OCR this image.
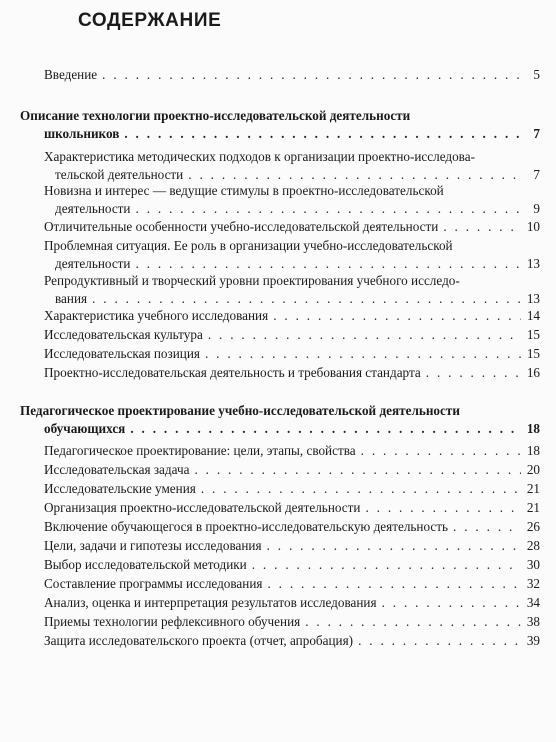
СОДЕРЖАНИЕ
Введение . . .	5
Описание технологии проектно-исследовательской деятельности
школьников . . .	7
Характеристика методических подходов к организации проектно-исследова-
тельской деятельности . . .	7
Новизна и интерес — ведущие стимулы в проектно-исследовательской
деятельности . . .	9
Отличительные особенности учебно-исследовательской деятельности . . .	10
Проблемная ситуация. Ее роль в организации учебно-исследовательской
деятельности . . .	13
Репродуктивный и творческий уровни проектирования учебного исследо-
вания . . .	13
Характеристика учебного исследования . . .	14
Исследовательская культура . . .	15
Исследовательская позиция . . .	15
Проектно-исследовательская деятельность и требования стандарта . . .	16
Педагогическое проектирование учебно-исследовательской деятельности
обучающихся . . .	18
Педагогическое проектирование: цели, этапы, свойства . . .	18
Исследовательская задача . . .	20
Исследовательские умения . . .	21
Организация проектно-исследовательской деятельности . . .	21
Включение обучающегося в проектно-исследовательскую деятельность . . .	26
Цели, задачи и гипотезы исследования . . .	28
Выбор исследовательской методики . . .	30
Составление программы исследования . . .	32
Анализ, оценка и интерпретация результатов исследования . . .	34
Приемы технологии рефлексивного обучения . . .	38
Защита исследовательского проекта (отчет, апробация) . . .	39
